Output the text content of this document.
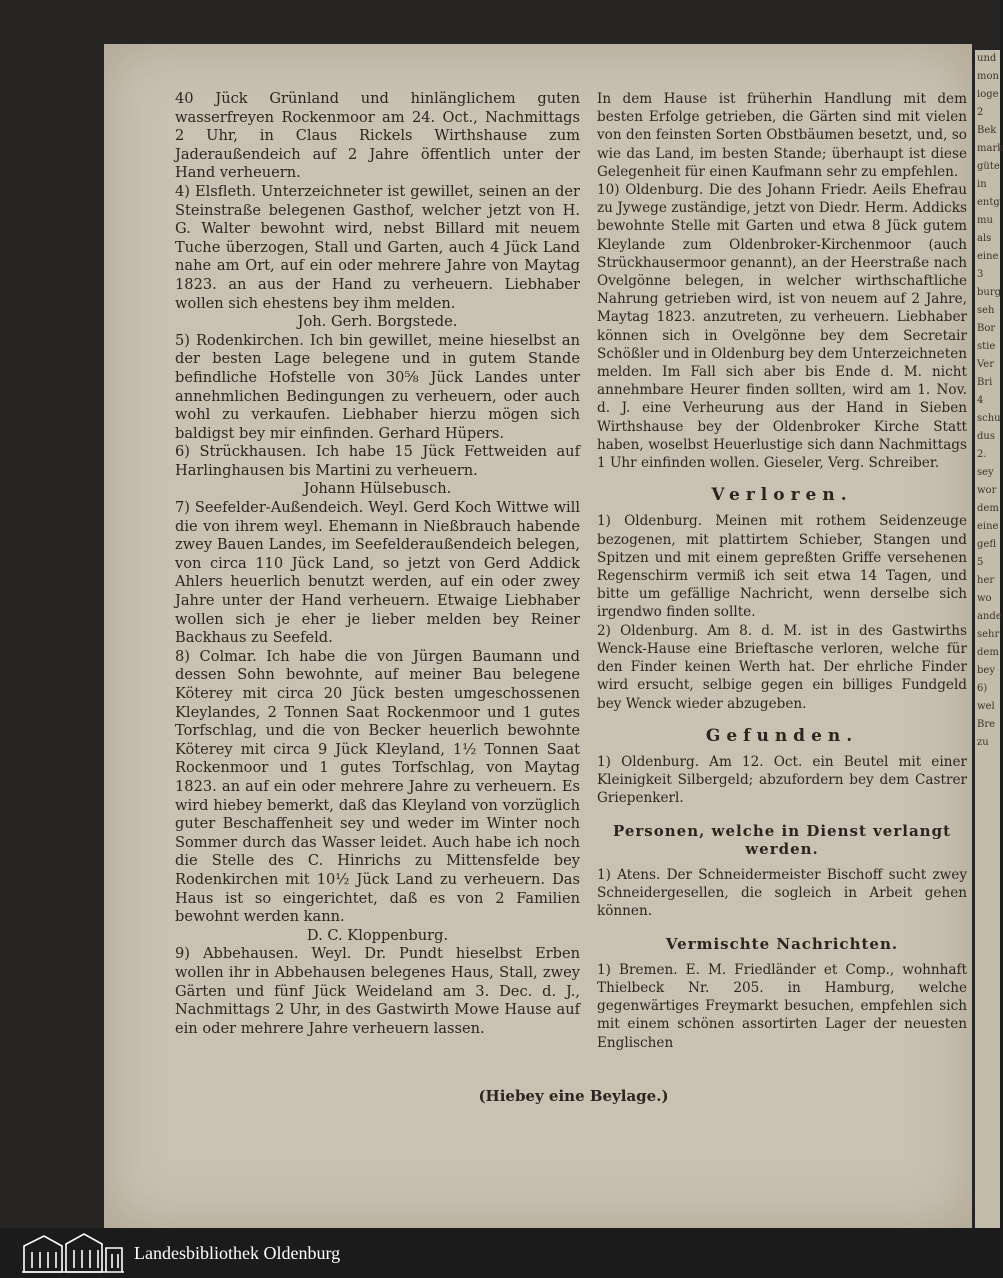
und
mon
ioge
2
Bek
mark
güte
in
entg
mu
als
eine
3
burg
seh
Bor
stie
Ver
Bri
4
schu
dus
2.
sey
wor
dem
eine
gefl
5
her
wo
ande
sehr
dem
bey
6)
wel
Bre
zu

40 Jück Grünland und hinlänglichem guten wasserfreyen Rockenmoor am 24. Oct., Nachmittags 2 Uhr, in Claus Rickels Wirthshause zum Jaderaußendeich auf 2 Jahre öffentlich unter der Hand verheuern.

4) Elsfleth. Unterzeichneter ist gewillet, seinen an der Steinstraße belegenen Gasthof, welcher jetzt von H. G. Walter bewohnt wird, nebst Billard mit neuem Tuche überzogen, Stall und Garten, auch 4 Jück Land nahe am Ort, auf ein oder mehrere Jahre von Maytag 1823. an aus der Hand zu verheuern. Liebhaber wollen sich ehestens bey ihm melden.

Joh. Gerh. Borgstede.

5) Rodenkirchen. Ich bin gewillet, meine hieselbst an der besten Lage belegene und in gutem Stande befindliche Hofstelle von 30⅝ Jück Landes unter annehmlichen Bedingungen zu verheuern, oder auch wohl zu verkaufen. Liebhaber hierzu mögen sich baldigst bey mir einfinden. Gerhard Hüpers.

6) Strückhausen. Ich habe 15 Jück Fettweiden auf Harlinghausen bis Martini zu verheuern.

Johann Hülsebusch.

7) Seefelder-Außendeich. Weyl. Gerd Koch Wittwe will die von ihrem weyl. Ehemann in Nießbrauch habende zwey Bauen Landes, im Seefelderaußendeich belegen, von circa 110 Jück Land, so jetzt von Gerd Addick Ahlers heuerlich benutzt werden, auf ein oder zwey Jahre unter der Hand verheuern. Etwaige Liebhaber wollen sich je eher je lieber melden bey Reiner Backhaus zu Seefeld.

8) Colmar. Ich habe die von Jürgen Baumann und dessen Sohn bewohnte, auf meiner Bau belegene Köterey mit circa 20 Jück besten umgeschossenen Kleylandes, 2 Tonnen Saat Rockenmoor und 1 gutes Torfschlag, und die von Becker heuerlich bewohnte Köterey mit circa 9 Jück Kleyland, 1½ Tonnen Saat Rockenmoor und 1 gutes Torfschlag, von Maytag 1823. an auf ein oder mehrere Jahre zu verheuern. Es wird hiebey bemerkt, daß das Kleyland von vorzüglich guter Beschaffenheit sey und weder im Winter noch Sommer durch das Wasser leidet. Auch habe ich noch die Stelle des C. Hinrichs zu Mittensfelde bey Rodenkirchen mit 10½ Jück Land zu verheuern. Das Haus ist so eingerichtet, daß es von 2 Familien bewohnt werden kann.

D. C. Kloppenburg.

9) Abbehausen. Weyl. Dr. Pundt hieselbst Erben wollen ihr in Abbehausen belegenes Haus, Stall, zwey Gärten und fünf Jück Weideland am 3. Dec. d. J., Nachmittags 2 Uhr, in des Gastwirth Mowe Hause auf ein oder mehrere Jahre verheuern lassen.

In dem Hause ist früherhin Handlung mit dem besten Erfolge getrieben, die Gärten sind mit vielen von den feinsten Sorten Obstbäumen besetzt, und, so wie das Land, im besten Stande; überhaupt ist diese Gelegenheit für einen Kaufmann sehr zu empfehlen.

10) Oldenburg. Die des Johann Friedr. Aeils Ehefrau zu Jywege zuständige, jetzt von Diedr. Herm. Addicks bewohnte Stelle mit Garten und etwa 8 Jück gutem Kleylande zum Oldenbroker-Kirchenmoor (auch Strückhausermoor genannt), an der Heerstraße nach Ovelgönne belegen, in welcher wirthschaftliche Nahrung getrieben wird, ist von neuem auf 2 Jahre, Maytag 1823. anzutreten, zu verheuern. Liebhaber können sich in Ovelgönne bey dem Secretair Schößler und in Oldenburg bey dem Unterzeichneten melden. Im Fall sich aber bis Ende d. M. nicht annehmbare Heurer finden sollten, wird am 1. Nov. d. J. eine Verheurung aus der Hand in Sieben Wirthshause bey der Oldenbroker Kirche Statt haben, woselbst Heuerlustige sich dann Nachmittags 1 Uhr einfinden wollen. Gieseler, Verg. Schreiber.

Verloren.

1) Oldenburg. Meinen mit rothem Seidenzeuge bezogenen, mit plattirtem Schieber, Stangen und Spitzen und mit einem gepreßten Griffe versehenen Regenschirm vermiß ich seit etwa 14 Tagen, und bitte um gefällige Nachricht, wenn derselbe sich irgendwo finden sollte.

2) Oldenburg. Am 8. d. M. ist in des Gastwirths Wenck-Hause eine Brieftasche verloren, welche für den Finder keinen Werth hat. Der ehrliche Finder wird ersucht, selbige gegen ein billiges Fundgeld bey Wenck wieder abzugeben.

Gefunden.

1) Oldenburg. Am 12. Oct. ein Beutel mit einer Kleinigkeit Silbergeld; abzufordern bey dem Castrer Griepenkerl.

Personen, welche in Dienst verlangt werden.

1) Atens. Der Schneidermeister Bischoff sucht zwey Schneidergesellen, die sogleich in Arbeit gehen können.

Vermischte Nachrichten.

1) Bremen. E. M. Friedländer et Comp., wohnhaft Thielbeck Nr. 205. in Hamburg, welche gegenwärtiges Freymarkt besuchen, empfehlen sich mit einem schönen assortirten Lager der neuesten Englischen

(Hiebey eine Beylage.)
Landesbibliothek Oldenburg
